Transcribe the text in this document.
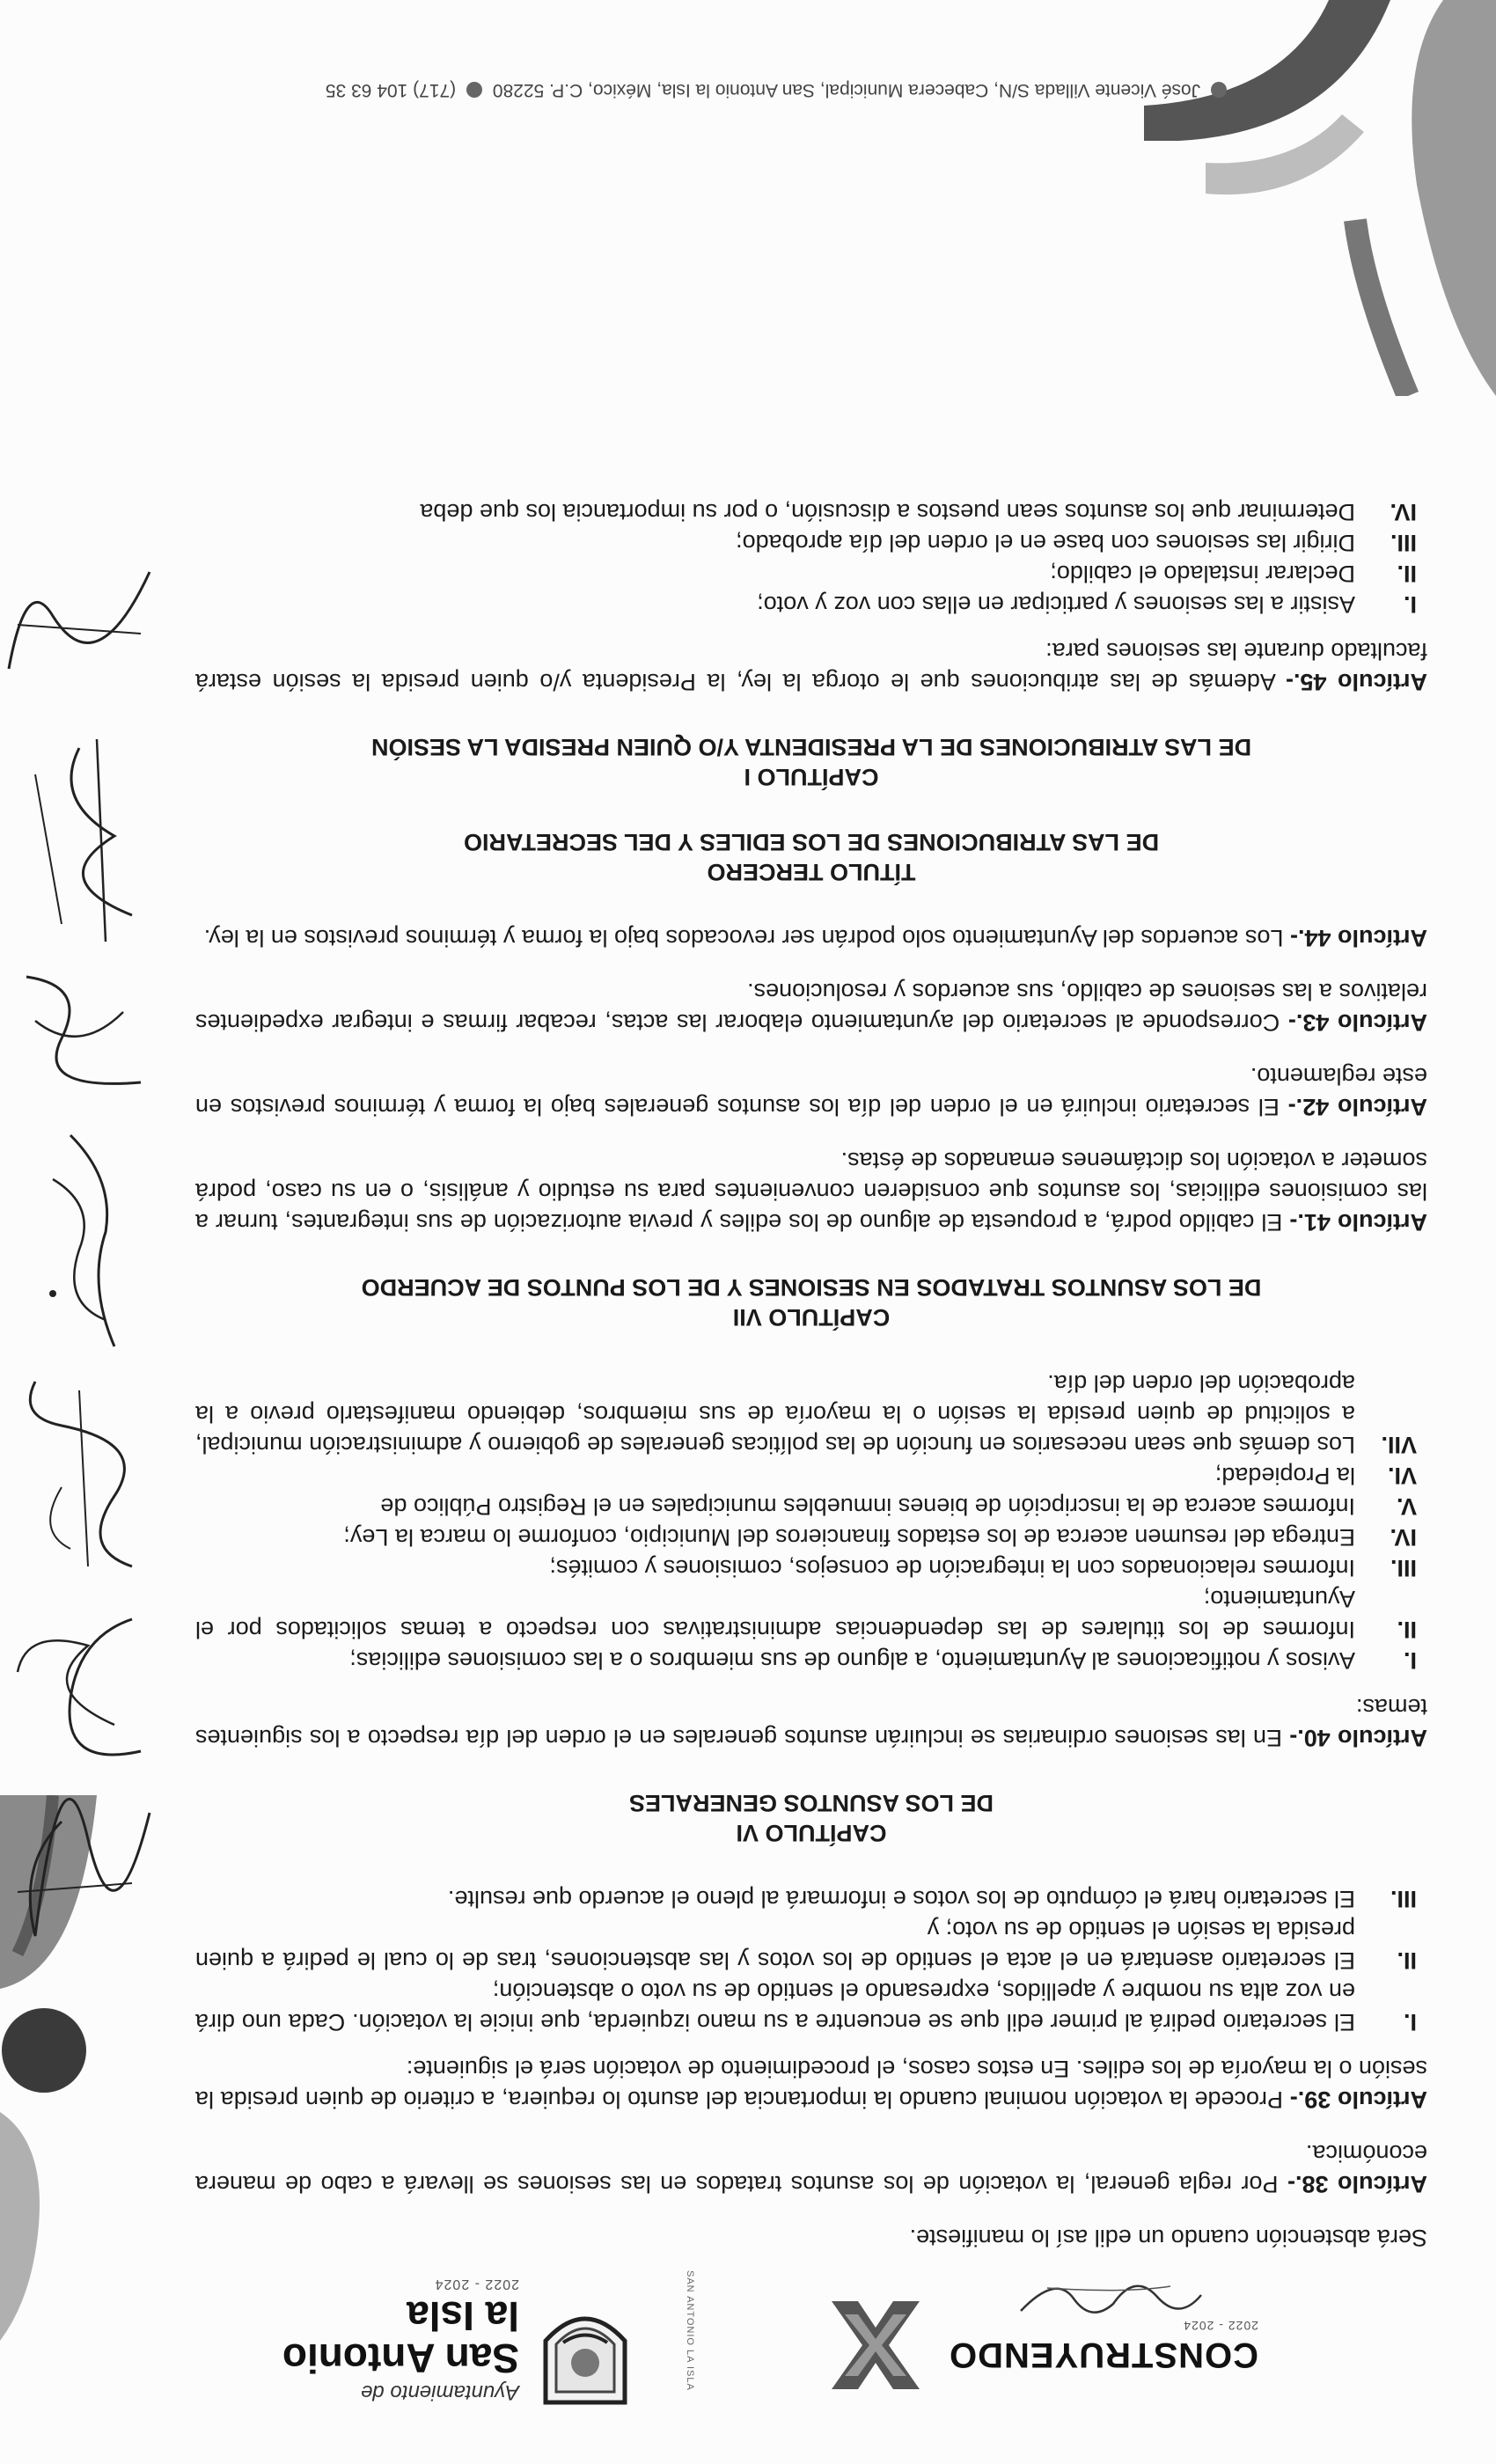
Ayuntamiento de
San Antonio
la Isla
2022 - 2024	SAN ANTONIO LA ISLA	CONSTRUYENDO
2022 - 2024

Será abstención cuando un edil así lo manifieste.

Artículo 38.- Por regla general, la votación de los asuntos tratados en las sesiones se llevará a cabo de manera económica.

Artículo 39.- Procede la votación nominal cuando la importancia del asunto lo requiera, a criterio de quien presida la sesión o la mayoría de los ediles. En estos casos, el procedimiento de votación será el siguiente:

I.
El secretario pedirá al primer edil que se encuentre a su mano izquierda, que inicie la votación. Cada uno dirá en voz alta su nombre y apellidos, expresando el sentido de su voto o abstención;
II.
El secretario asentará en el acta el sentido de los votos y las abstenciones, tras de lo cual le pedirá a quien presida la sesión el sentido de su voto; y
III.
El secretario hará el cómputo de los votos e informará al pleno el acuerdo que resulte.
CAPÍTULO VI
DE LOS ASUNTOS GENERALES

Artículo 40.- En las sesiones ordinarias se incluirán asuntos generales en el orden del día respecto a los siguientes temas:

I.
Avisos y notificaciones al Ayuntamiento, a alguno de sus miembros o a las comisiones edilicias;
II.
Informes de los titulares de las dependencias administrativas con respecto a temas solicitados por el Ayuntamiento;
III.
Informes relacionados con la integración de consejos, comisiones y comités;
IV.
Entrega del resumen acerca de los estados financieros del Municipio, conforme lo marca la Ley;
V.
Informes acerca de la inscripción de bienes inmuebles municipales en el Registro Público de
VI.
la Propiedad;
VII.
Los demás que sean necesarios en función de las políticas generales de gobierno y administración municipal, a solicitud de quien presida la sesión o la mayoría de sus miembros, debiendo manifestarlo previo a la aprobación del orden del día.
CAPÍTULO VII
DE LOS ASUNTOS TRATADOS EN SESIONES Y DE LOS PUNTOS DE ACUERDO

Artículo 41.- El cabildo podrá, a propuesta de alguno de los ediles y previa autorización de sus integrantes, turnar a las comisiones edilicias, los asuntos que consideren convenientes para su estudio y análisis, o en su caso, podrá someter a votación los dictámenes emanados de éstas.

Artículo 42.- El secretario incluirá en el orden del día los asuntos generales bajo la forma y términos previstos en este reglamento.

Artículo 43.- Corresponde al secretario del ayuntamiento elaborar las actas, recabar firmas e integrar expedientes relativos a las sesiones de cabildo, sus acuerdos y resoluciones.

Artículo 44.- Los acuerdos del Ayuntamiento solo podrán ser revocados bajo la forma y términos previstos en la ley.

TÍTULO TERCERO
DE LAS ATRIBUCIONES DE LOS EDILES Y DEL SECRETARIO
CAPÍTULO I
DE LAS ATRIBUCIONES DE LA PRESIDENTA Y/O QUIEN PRESIDA LA SESIÓN

Artículo 45.- Además de las atribuciones que le otorga la ley, la Presidenta y/o quien presida la sesión estará facultado durante las sesiones para:

I.
Asistir a las sesiones y participar en ellas con voz y voto;
II.
Declarar instalado el cabildo;
III.
Dirigir las sesiones con base en el orden del día aprobado;
IV.
Determinar que los asuntos sean puestos a discusión, o por su importancia los que deba
José Vicente Villada S/N, Cabecera Municipal, San Antonio la Isla, México, C.P. 52280  (717) 104 63 35
